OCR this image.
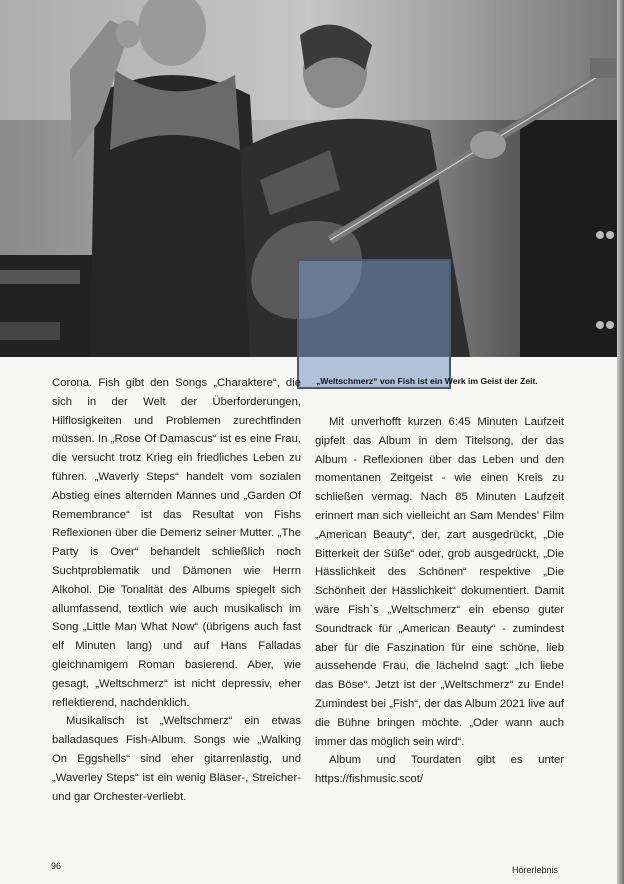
„Weltschmerz“ von Fish ist ein Werk im Geist der Zeit.

Corona. Fish gibt den Songs „Charaktere“, die sich in der Welt der Überforderungen, Hilflosigkeiten und Problemen zurechtfinden müssen. In „Rose Of Damascus“ ist es eine Frau, die versucht trotz Krieg ein friedliches Leben zu führen. „Waverly Steps“ handelt vom sozialen Abstieg eines alternden Mannes und „Garden Of Remembrance“ ist das Resultat von Fishs Reflexionen über die Demenz seiner Mutter. „The Party is Over“ behandelt schließlich noch Suchtproblematik und Dämonen wie Herrn Alkohol. Die Tonalität des Albums spiegelt sich allumfassend, textlich wie auch musikalisch im Song „Little Man What Now“ (übrigens auch fast elf Minuten lang) und auf Hans Falladas gleichnamigem Roman basierend. Aber, wie gesagt, „Weltschmerz“ ist nicht depressiv, eher reflektierend, nachdenklich.

Musikalisch ist „Weltschmerz“ ein etwas balladasques Fish-Album. Songs wie „Walking On Eggshells“ sind eher gitarrenlastig, und „Waverley Steps“ ist ein wenig Bläser-, Streicher- und gar Orchester-verliebt.

Mit unverhofft kurzen 6:45 Minuten Laufzeit gipfelt das Album in dem Titelsong, der das Album - Reflexionen über das Leben und den momentanen Zeitgeist - wie einen Kreis zu schließen vermag. Nach 85 Minuten Laufzeit erinnert man sich vielleicht an Sam Mendes' Film „American Beauty“, der, zart ausgedrückt, „Die Bitterkeit der Süße“ oder, grob ausgedrückt, „Die Hässlichkeit des Schönen“ respektive „Die Schönheit der Hässlichkeit“ dokumentiert. Damit wäre Fish`s „Weltschmerz“ ein ebenso guter Soundtrack für „American Beauty“ - zumindest aber für die Faszination für eine schöne, lieb aussehende Frau, die lächelnd sagt: „Ich liebe das Böse“. Jetzt ist der „Weltschmerz“ zu Ende! Zumindest bei „Fish“, der das Album 2021 live auf die Bühne bringen möchte. „Oder wann auch immer das möglich sein wird“.

Album und Tourdaten gibt es unter https://fishmusic.scot/

96	Hörerlebnis
